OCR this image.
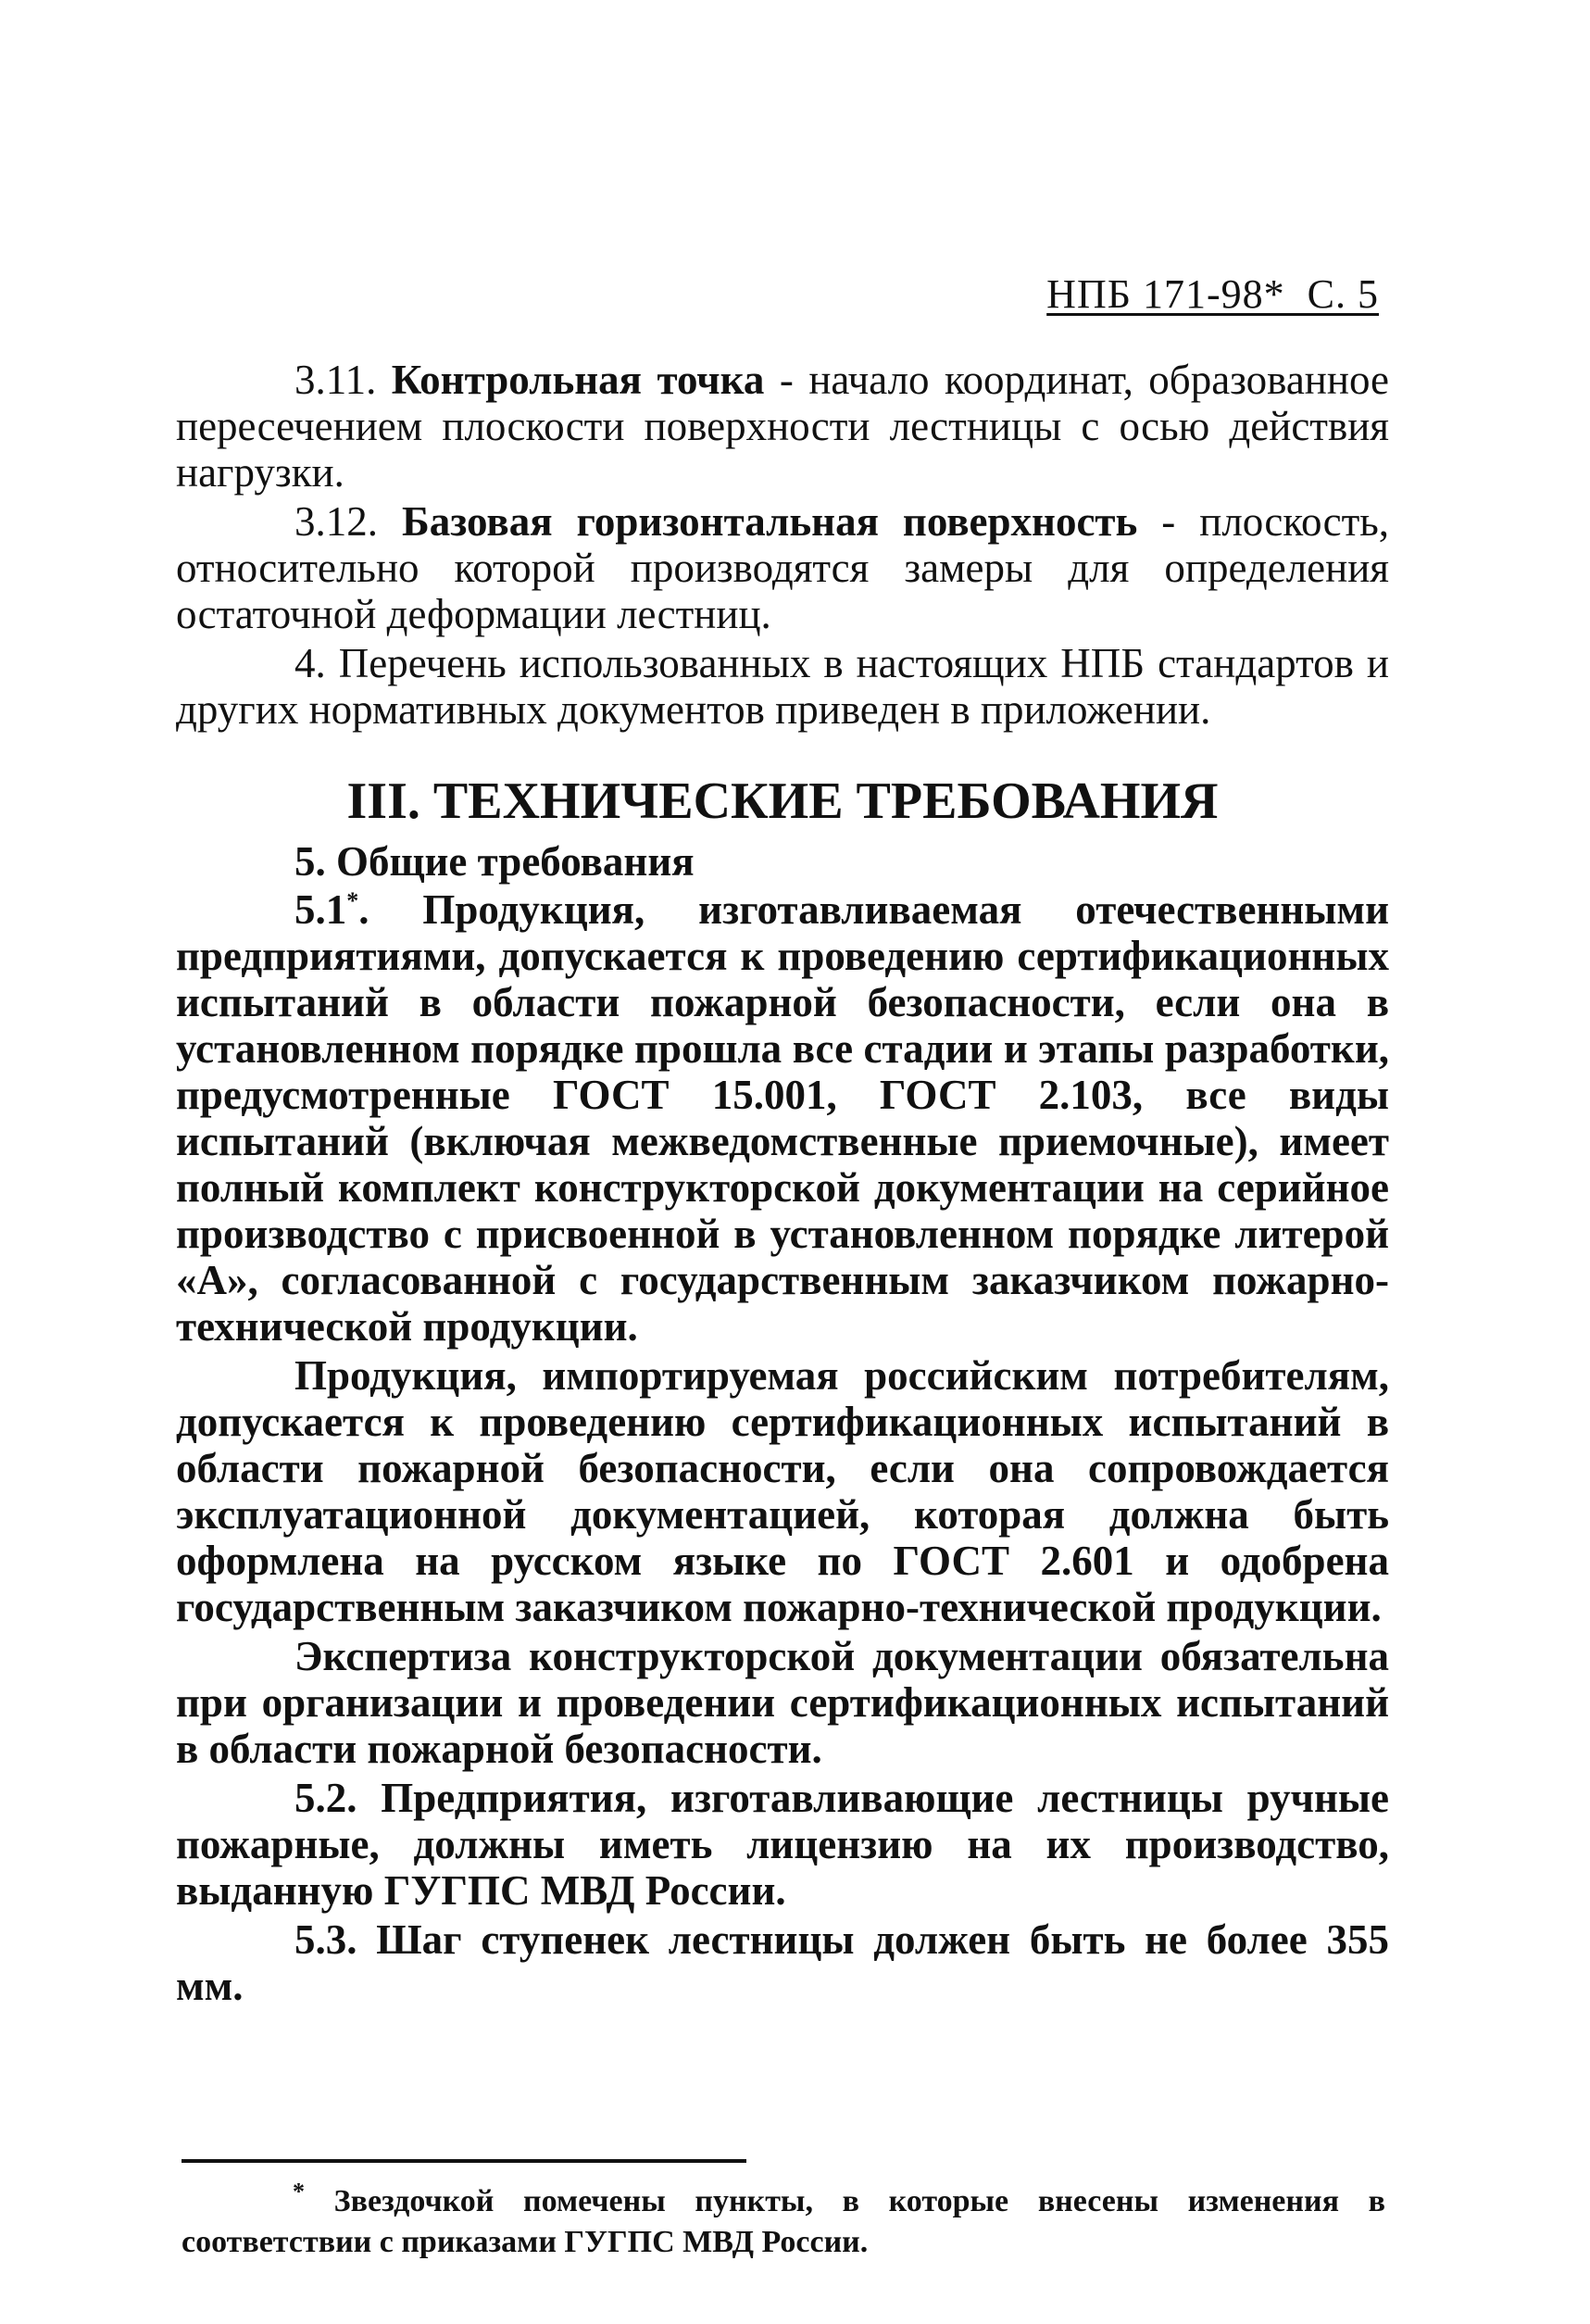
НПБ 171-98*  С. 5

3.11. Контрольная точка - начало координат, образованное пересечением плоскости поверхности лестницы с осью действия нагрузки.

3.12. Базовая горизонтальная поверхность - плоскость, относительно которой производятся замеры для определения остаточной деформации лестниц.

4. Перечень использованных в настоящих НПБ стандартов и других нормативных документов приведен в приложении.

III. ТЕХНИЧЕСКИЕ ТРЕБОВАНИЯ
5. Общие требования

5.1*. Продукция, изготавливаемая отечественными предприятиями, допускается к проведению сертификационных испытаний в области пожарной безопасности, если она в установленном порядке прошла все стадии и этапы разработки, предусмотренные ГОСТ 15.001, ГОСТ 2.103, все виды испытаний (включая межведомственные приемочные), имеет полный комплект конструкторской документации на серийное производство с присвоенной в установленном порядке литерой «А», согласованной с государственным заказчиком пожарно-технической продукции.

Продукция, импортируемая российским потребителям, допускается к проведению сертификационных испытаний в области пожарной безопасности, если она сопровождается эксплуатационной документацией, которая должна быть оформлена на русском языке по ГОСТ 2.601 и одобрена государственным заказчиком пожарно-технической продукции.

Экспертиза конструкторской документации обязательна при организации и проведении сертификационных испытаний в области пожарной безопасности.

5.2. Предприятия, изготавливающие лестницы ручные пожарные, должны иметь лицензию на их производство, выданную ГУГПС МВД России.

5.3. Шаг ступенек лестницы должен быть не более 355 мм.

* Звездочкой помечены пункты, в которые внесены изменения в соответствии с приказами ГУГПС МВД России.
